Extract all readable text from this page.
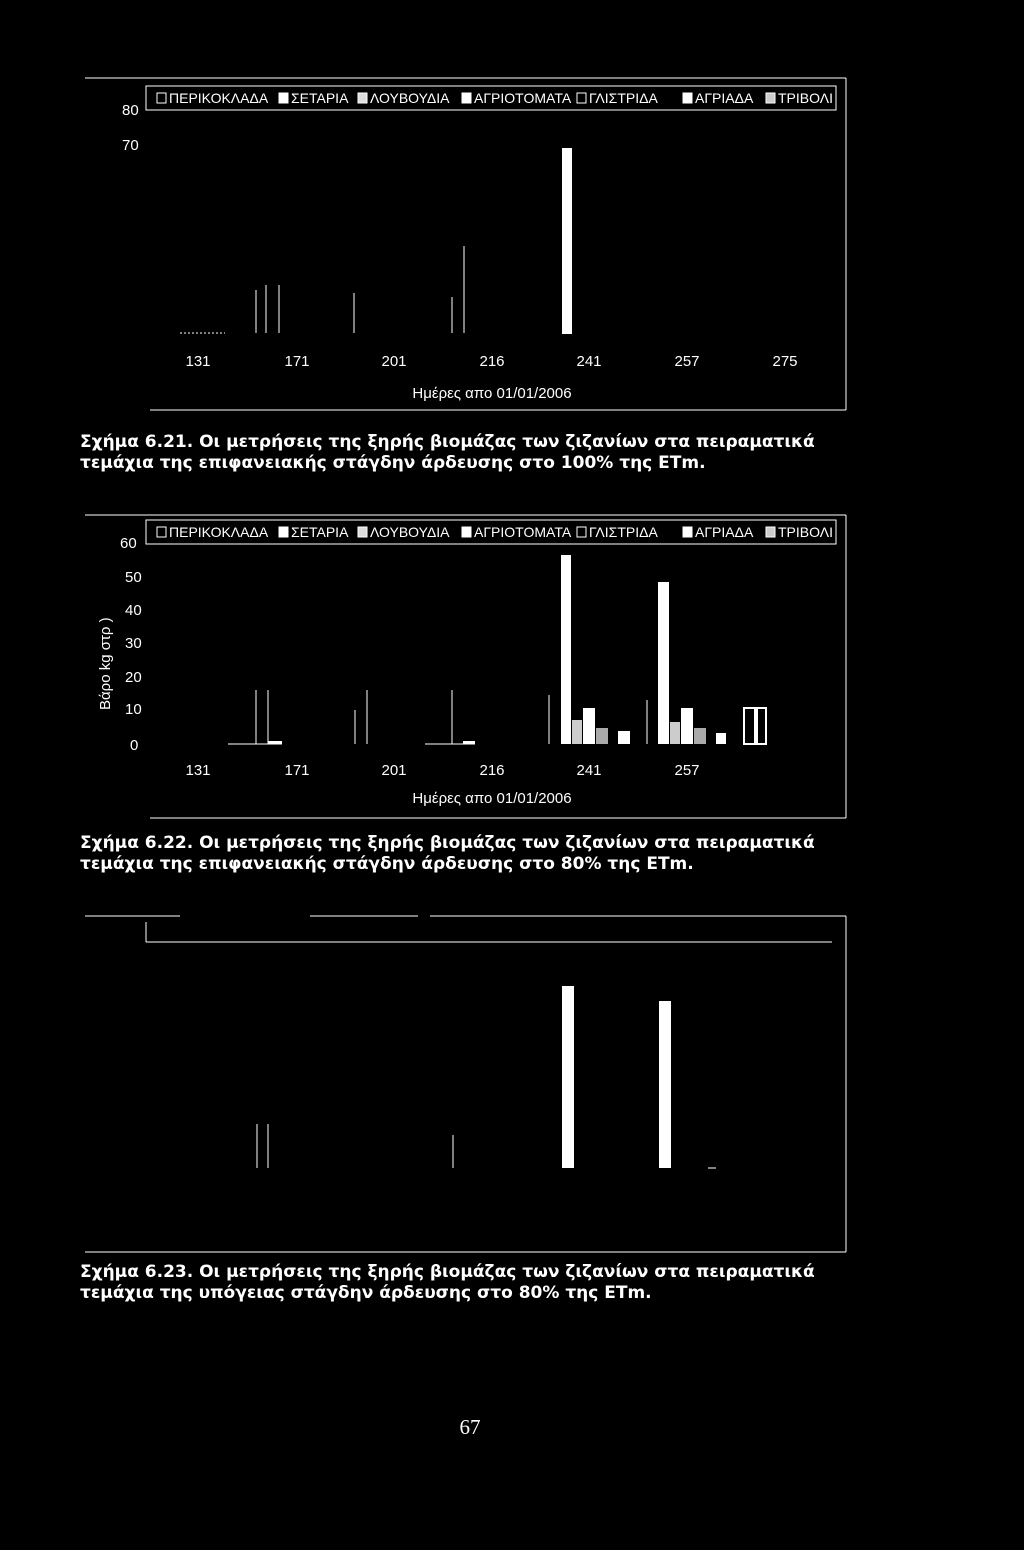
ΠΕΡΙΚΟΚΛΑΔΑ ΣΕΤΑΡΙΑ ΛΟΥΒΟΥΔΙΑ ΑΓΡΙΟΤΟΜΑΤΑ ΓΛΙΣΤΡΙΔΑ	ΑΓΡΙΑΔΑ ΤΡΙΒΟΛΙ
80
70
131	171	201	216	241	257	275
Ημέρες απο 01/01/2006
Σχήμα 6.21. Οι μετρήσεις της ξηρής βιομάζας των ζιζανίων στα πειραματικά τεμάχια της επιφανειακής στάγδην άρδευσης στο 100% της ETm.
ΠΕΡΙΚΟΚΛΑΔΑ ΣΕΤΑΡΙΑ ΛΟΥΒΟΥΔΙΑ ΑΓΡΙΟΤΟΜΑΤΑ ΓΛΙΣΤΡΙΔΑ	ΑΓΡΙΑΔΑ ΤΡΙΒΟΛΙ
60
50
40
30
20
10
0
Βάρο kg στρ )
131	171	201	216	241	257
Ημέρες απο 01/01/2006
Σχήμα 6.22. Οι μετρήσεις της ξηρής βιομάζας των ζιζανίων στα πειραματικά τεμάχια της επιφανειακής στάγδην άρδευσης στο 80% της ETm.
Σχήμα 6.23. Οι μετρήσεις της ξηρής βιομάζας των ζιζανίων στα πειραματικά τεμάχια της υπόγειας στάγδην άρδευσης στο 80% της ETm.
67
